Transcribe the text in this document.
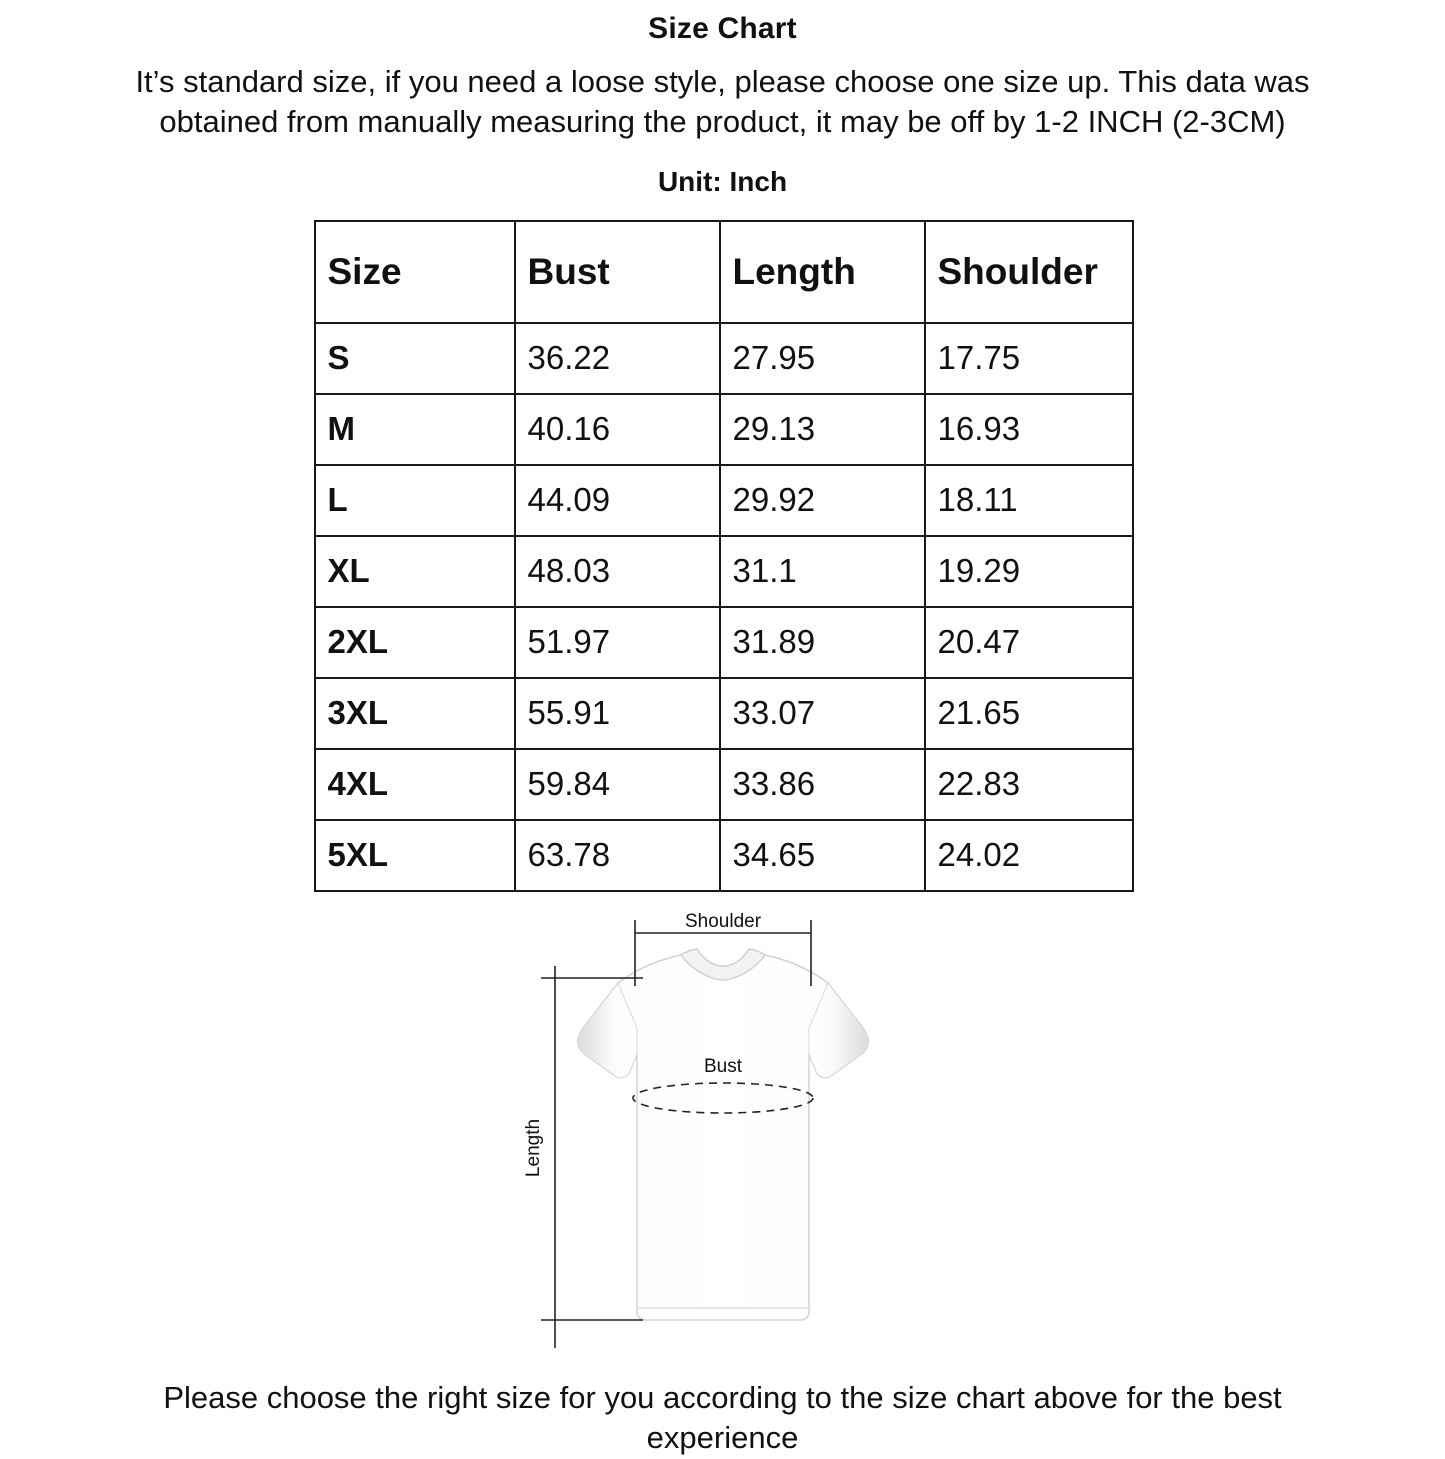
Size Chart
It’s standard size, if you need a loose style, please choose one size up. This data was obtained from manually measuring the product, it may be off by 1-2 INCH (2-3CM)
Unit: Inch
Size	Bust	Length	Shoulder
S	36.22	27.95	17.75
M	40.16	29.13	16.93
L	44.09	29.92	18.11
XL	48.03	31.1	19.29
2XL	51.97	31.89	20.47
3XL	55.91	33.07	21.65
4XL	59.84	33.86	22.83
5XL	63.78	34.65	24.02
Shoulder
Bust
Length
Please choose the right size for you according to the size chart above for the best experience
